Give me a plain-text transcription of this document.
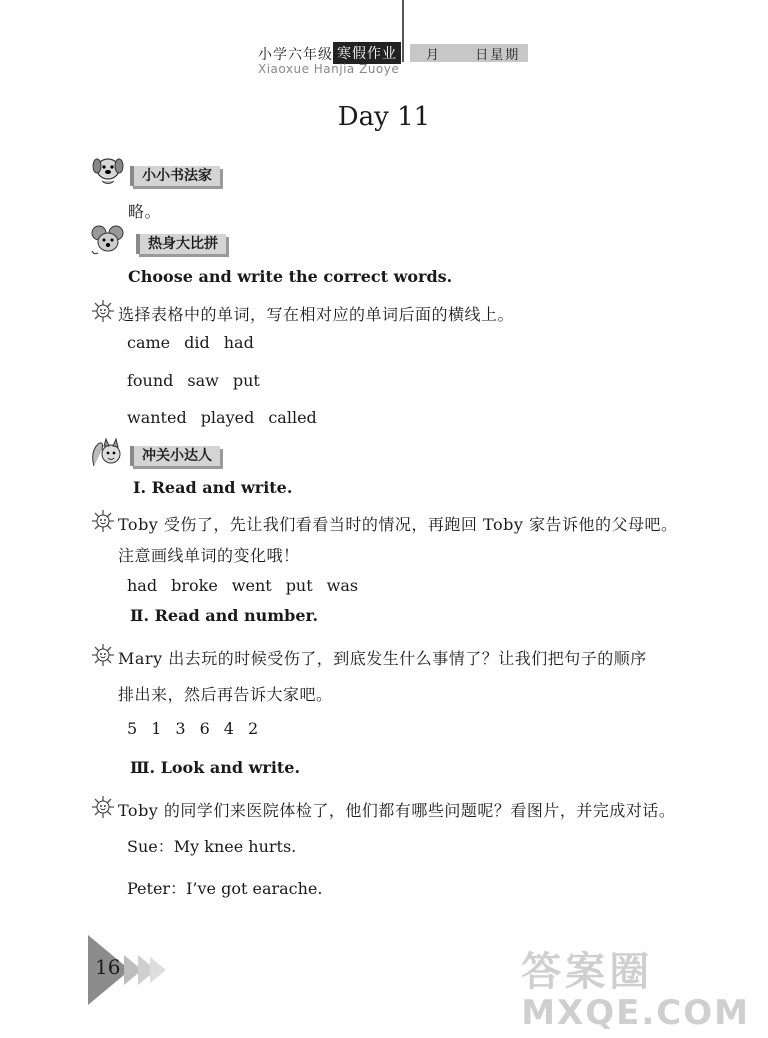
小学六年级 寒假作业	月	日星期
Xiaoxue Hanjia Zuoye
Day 11
小小书法家
略。
热身大比拼
Choose and write the correct words.
选择表格中的单词，写在相对应的单词后面的横线上。
came did had
found saw put
wanted played called
冲关小达人
Ⅰ. Read and write.
Toby 受伤了，先让我们看看当时的情况，再跑回 Toby 家告诉他的父母吧。
注意画线单词的变化哦！
had broke went put was
Ⅱ. Read and number.
Mary 出去玩的时候受伤了，到底发生什么事情了？让我们把句子的顺序
排出来，然后再告诉大家吧。
5 1 3 6 4 2
Ⅲ. Look and write.
Toby 的同学们来医院体检了，他们都有哪些问题呢？看图片，并完成对话。
Sue：My knee hurts.
Peter：I’ve got earache.
16	答案圈
MXQE.COM
